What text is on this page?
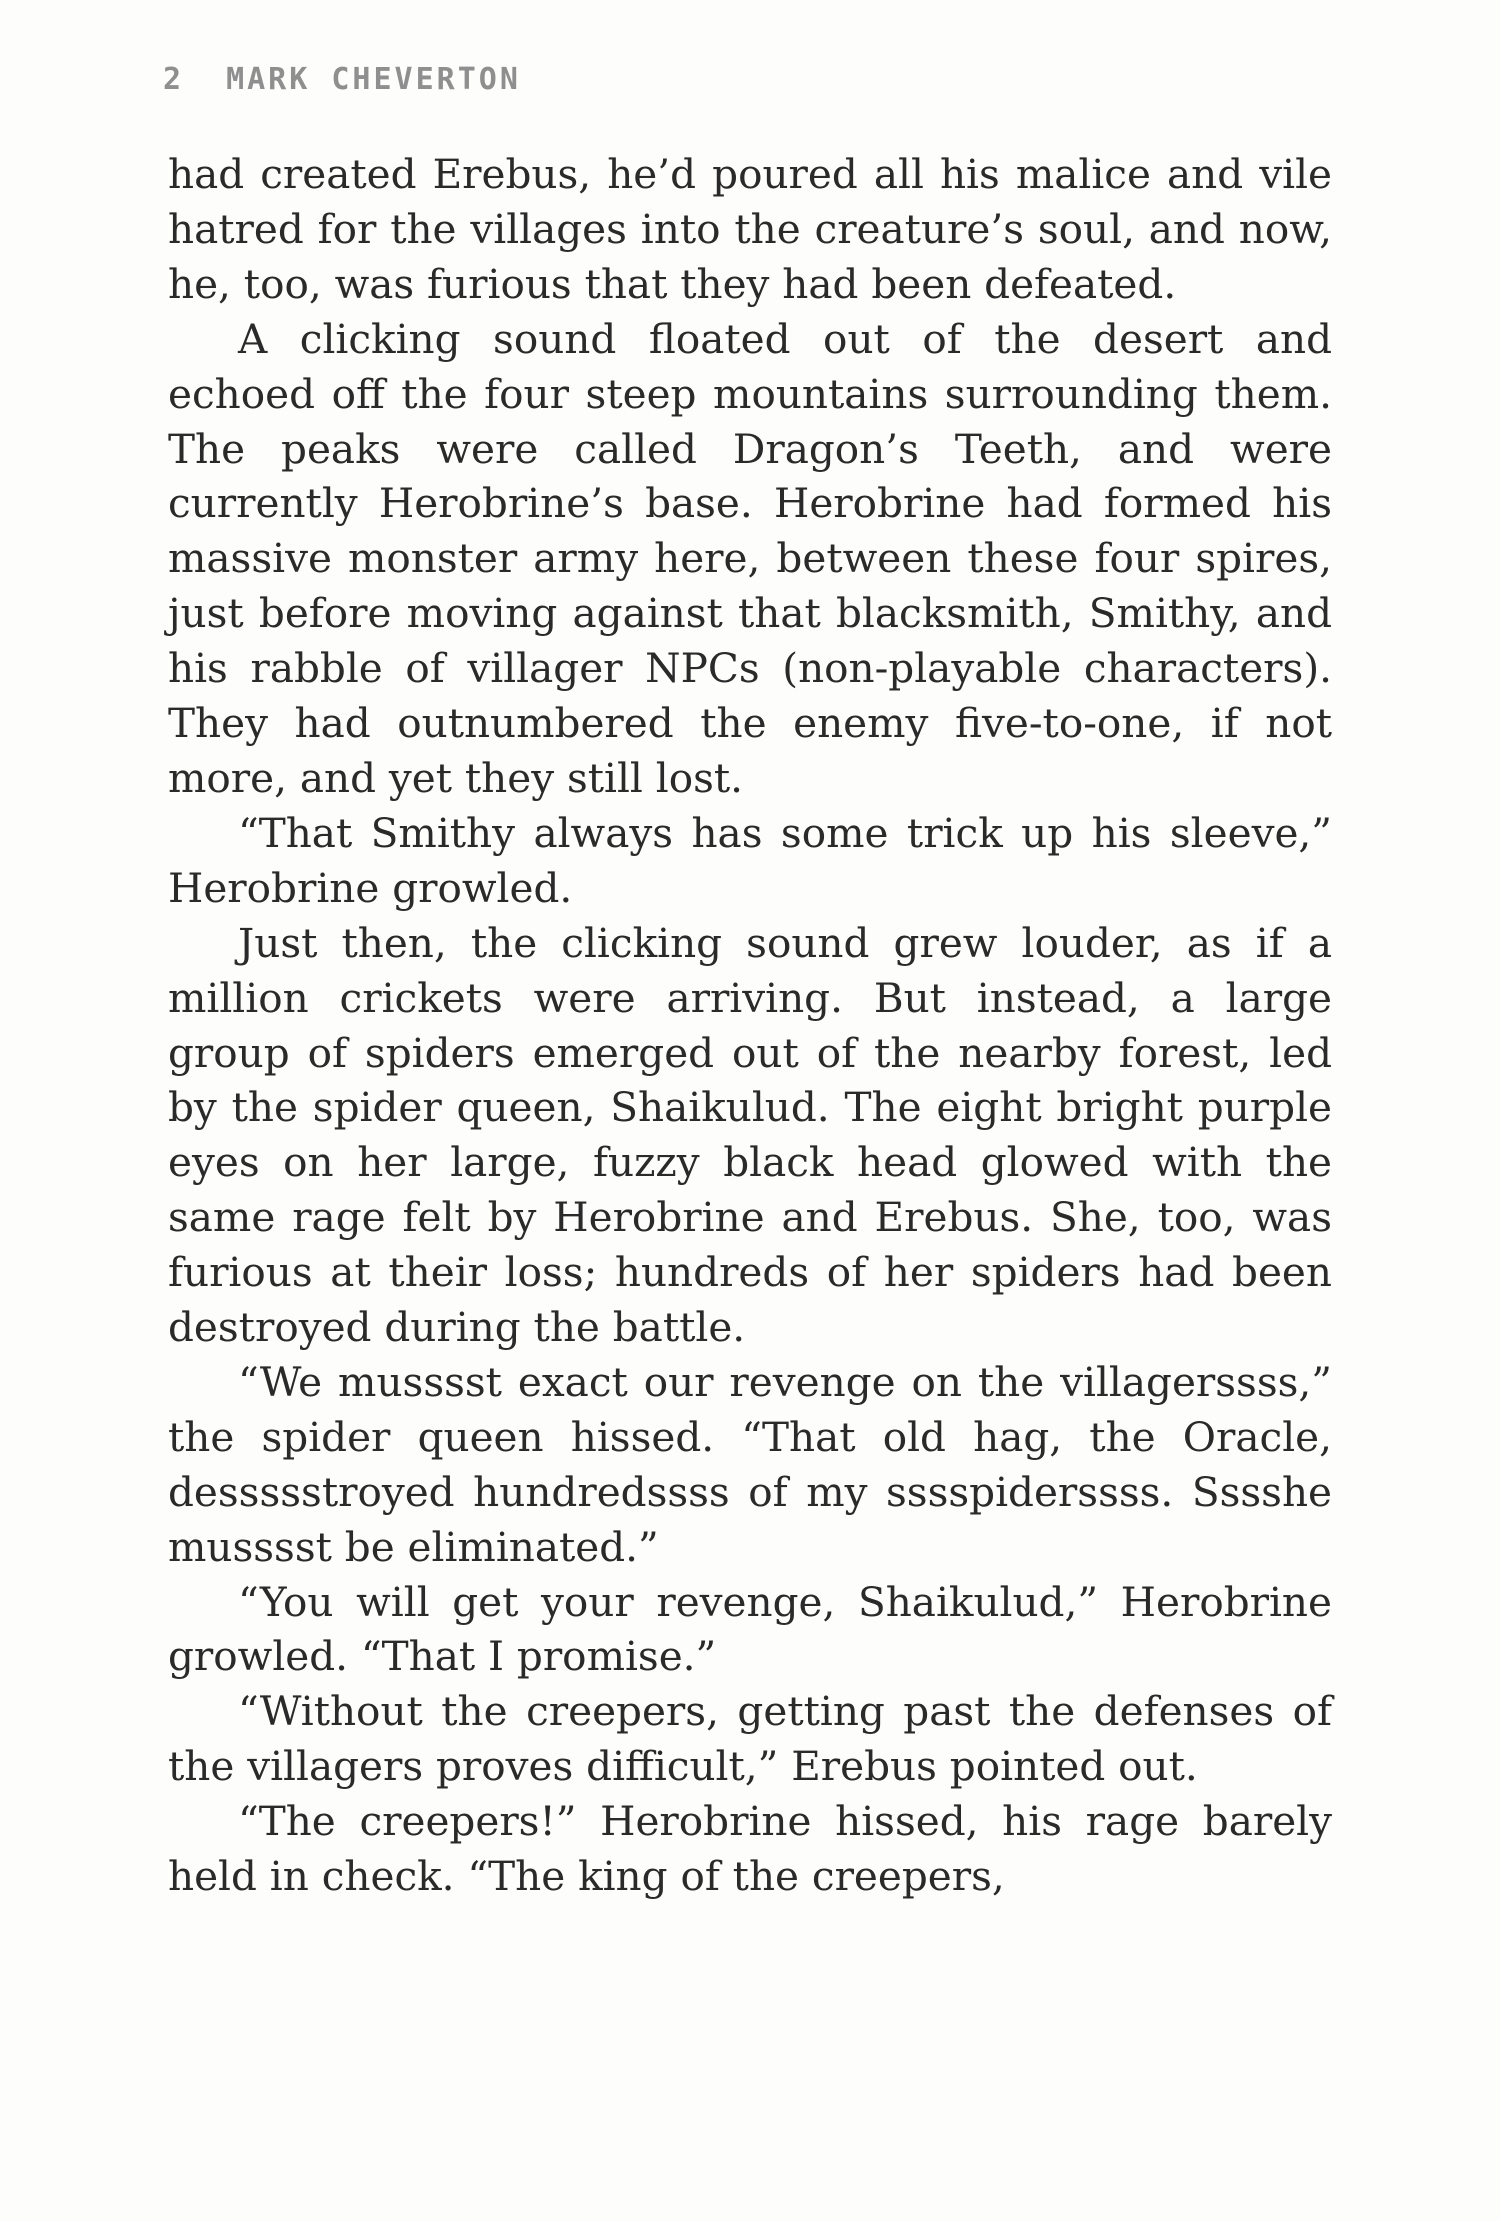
2 MARK CHEVERTON

had created Erebus, he’d poured all his malice and vile hatred for the villages into the creature’s soul, and now, he, too, was furious that they had been defeated.

A clicking sound floated out of the desert and echoed off the four steep mountains surrounding them. The peaks were called Dragon’s Teeth, and were currently Herobrine’s base. Herobrine had formed his massive monster army here, between these four spires, just before moving against that blacksmith, Smithy, and his rabble of villager NPCs (non-playable characters). They had outnumbered the enemy five-to-one, if not more, and yet they still lost.

“That Smithy always has some trick up his sleeve,” Herobrine growled.

Just then, the clicking sound grew louder, as if a million crickets were arriving. But instead, a large group of spiders emerged out of the nearby forest, led by the spider queen, Shaikulud. The eight bright purple eyes on her large, fuzzy black head glowed with the same rage felt by Herobrine and Erebus. She, too, was furious at their loss; hundreds of her spiders had been destroyed during the battle.

“We musssst exact our revenge on the villagerssss,” the spider queen hissed. “That old hag, the Oracle, dessssstroyed hundredssss of my sssspiderssss. Sssshe musssst be eliminated.”

“You will get your revenge, Shaikulud,” Herobrine growled. “That I promise.”

“Without the creepers, getting past the defenses of the villagers proves difficult,” Erebus pointed out.

“The creepers!” Herobrine hissed, his rage barely held in check. “The king of the creepers,
